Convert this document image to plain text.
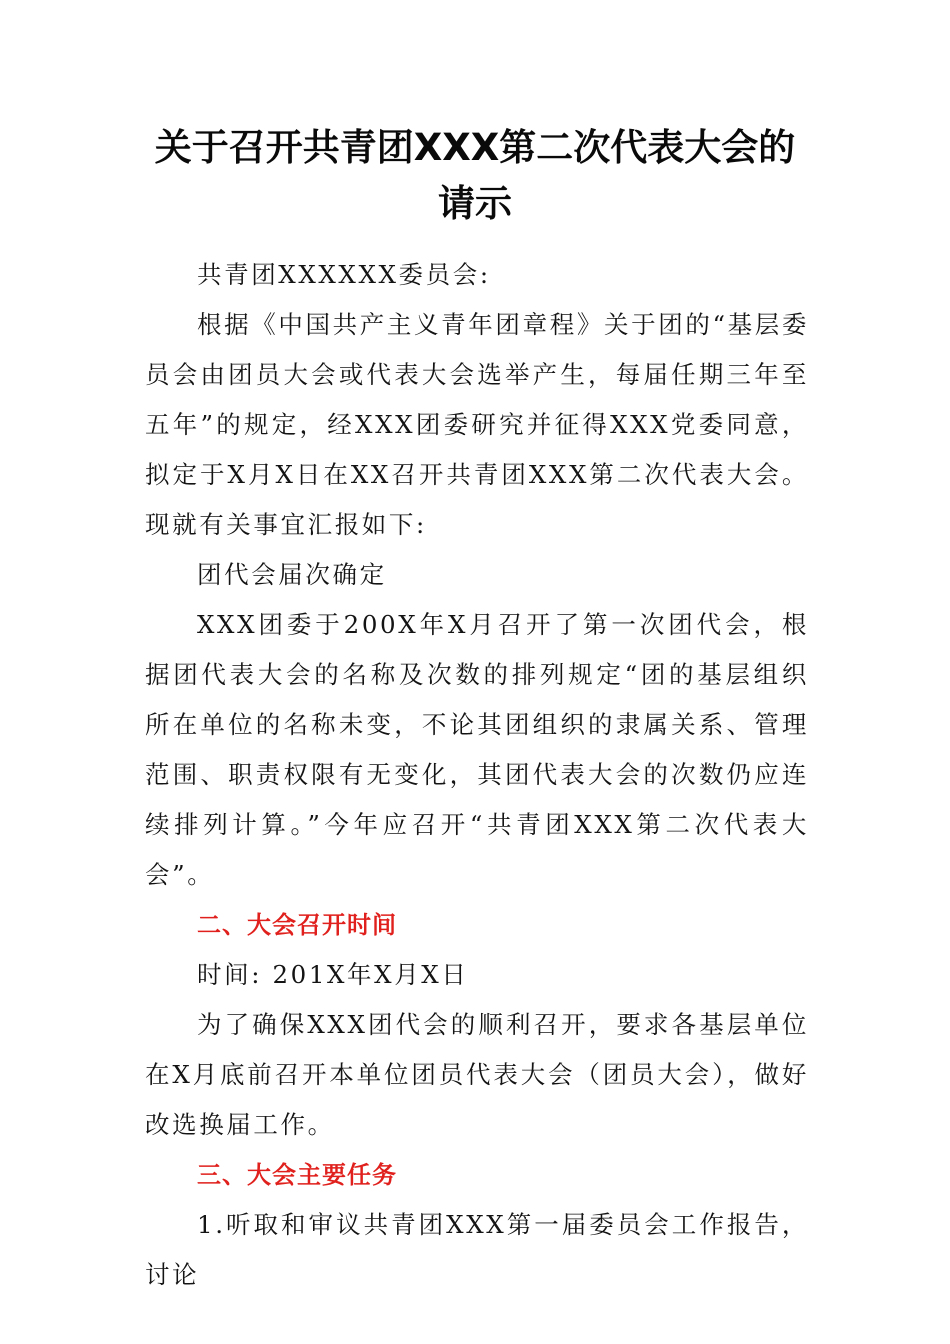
关于召开共青团XXX第二次代表大会的请示

共青团XXXXXX委员会:

根据《中国共产主义青年团章程》关于团的“基层委员会由团员大会或代表大会选举产生，每届任期三年至五年”的规定，经XXX团委研究并征得XXX党委同意，拟定于X月X日在XX召开共青团XXX第二次代表大会。现就有关事宜汇报如下:

团代会届次确定

XXX团委于200X年X月召开了第一次团代会，根据团代表大会的名称及次数的排列规定“团的基层组织所在单位的名称未变，不论其团组织的隶属关系、管理范围、职责权限有无变化，其团代表大会的次数仍应连续排列计算。”今年应召开“共青团XXX第二次代表大会”。

二、大会召开时间

时间: 201X年X月X日

为了确保XXX团代会的顺利召开，要求各基层单位在X月底前召开本单位团员代表大会（团员大会），做好改选换届工作。

三、大会主要任务

1.听取和审议共青团XXX第一届委员会工作报告，讨论
